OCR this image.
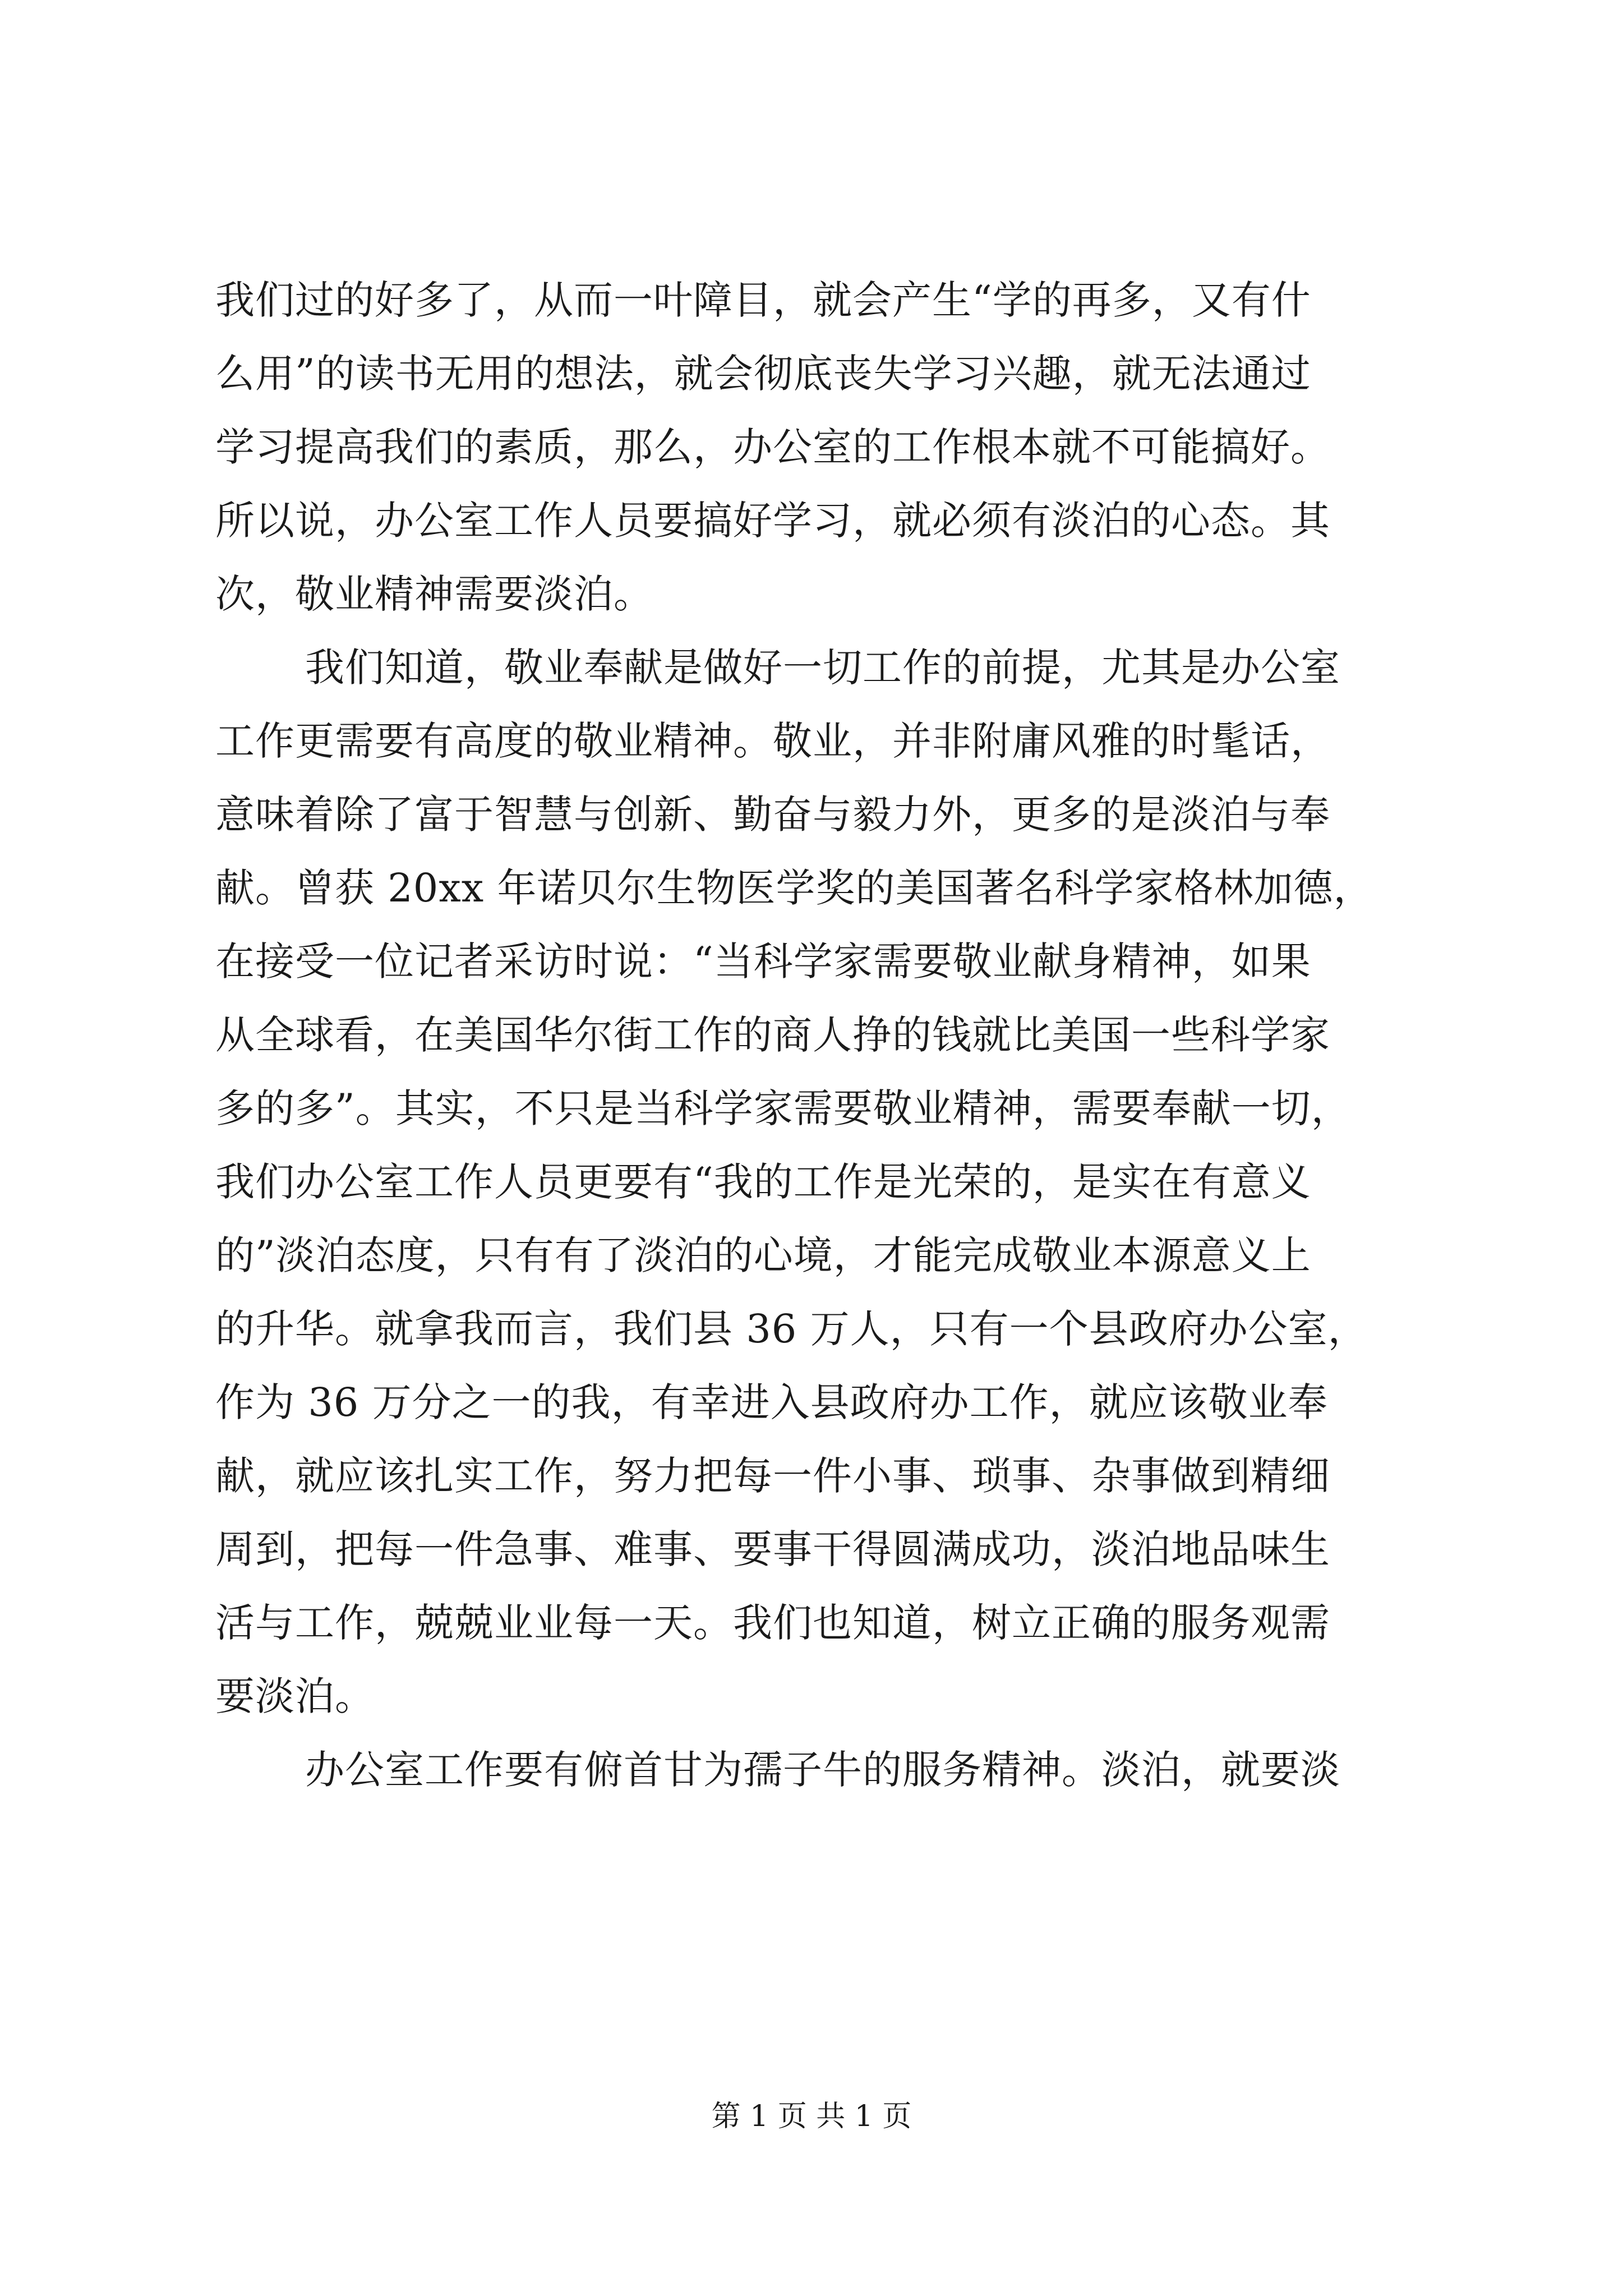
我们过的好多了，从而一叶障目，就会产生“学的再多，又有什
么用”的读书无用的想法，就会彻底丧失学习兴趣，就无法通过
学习提高我们的素质，那么，办公室的工作根本就不可能搞好。
所以说，办公室工作人员要搞好学习，就必须有淡泊的心态。其
次，敬业精神需要淡泊。
我们知道，敬业奉献是做好一切工作的前提，尤其是办公室
工作更需要有高度的敬业精神。敬业，并非附庸风雅的时髦话，
意味着除了富于智慧与创新、勤奋与毅力外，更多的是淡泊与奉
献。曾获 20xx 年诺贝尔生物医学奖的美国著名科学家格林加德，
在接受一位记者采访时说：“当科学家需要敬业献身精神，如果
从全球看，在美国华尔街工作的商人挣的钱就比美国一些科学家
多的多”。其实，不只是当科学家需要敬业精神，需要奉献一切，
我们办公室工作人员更要有“我的工作是光荣的，是实在有意义
的”淡泊态度，只有有了淡泊的心境，才能完成敬业本源意义上
的升华。就拿我而言，我们县 36 万人，只有一个县政府办公室，
作为 36 万分之一的我，有幸进入县政府办工作，就应该敬业奉
献，就应该扎实工作，努力把每一件小事、琐事、杂事做到精细
周到，把每一件急事、难事、要事干得圆满成功，淡泊地品味生
活与工作，兢兢业业每一天。我们也知道，树立正确的服务观需
要淡泊。
办公室工作要有俯首甘为孺子牛的服务精神。淡泊，就要淡
第 1 页 共 1 页
